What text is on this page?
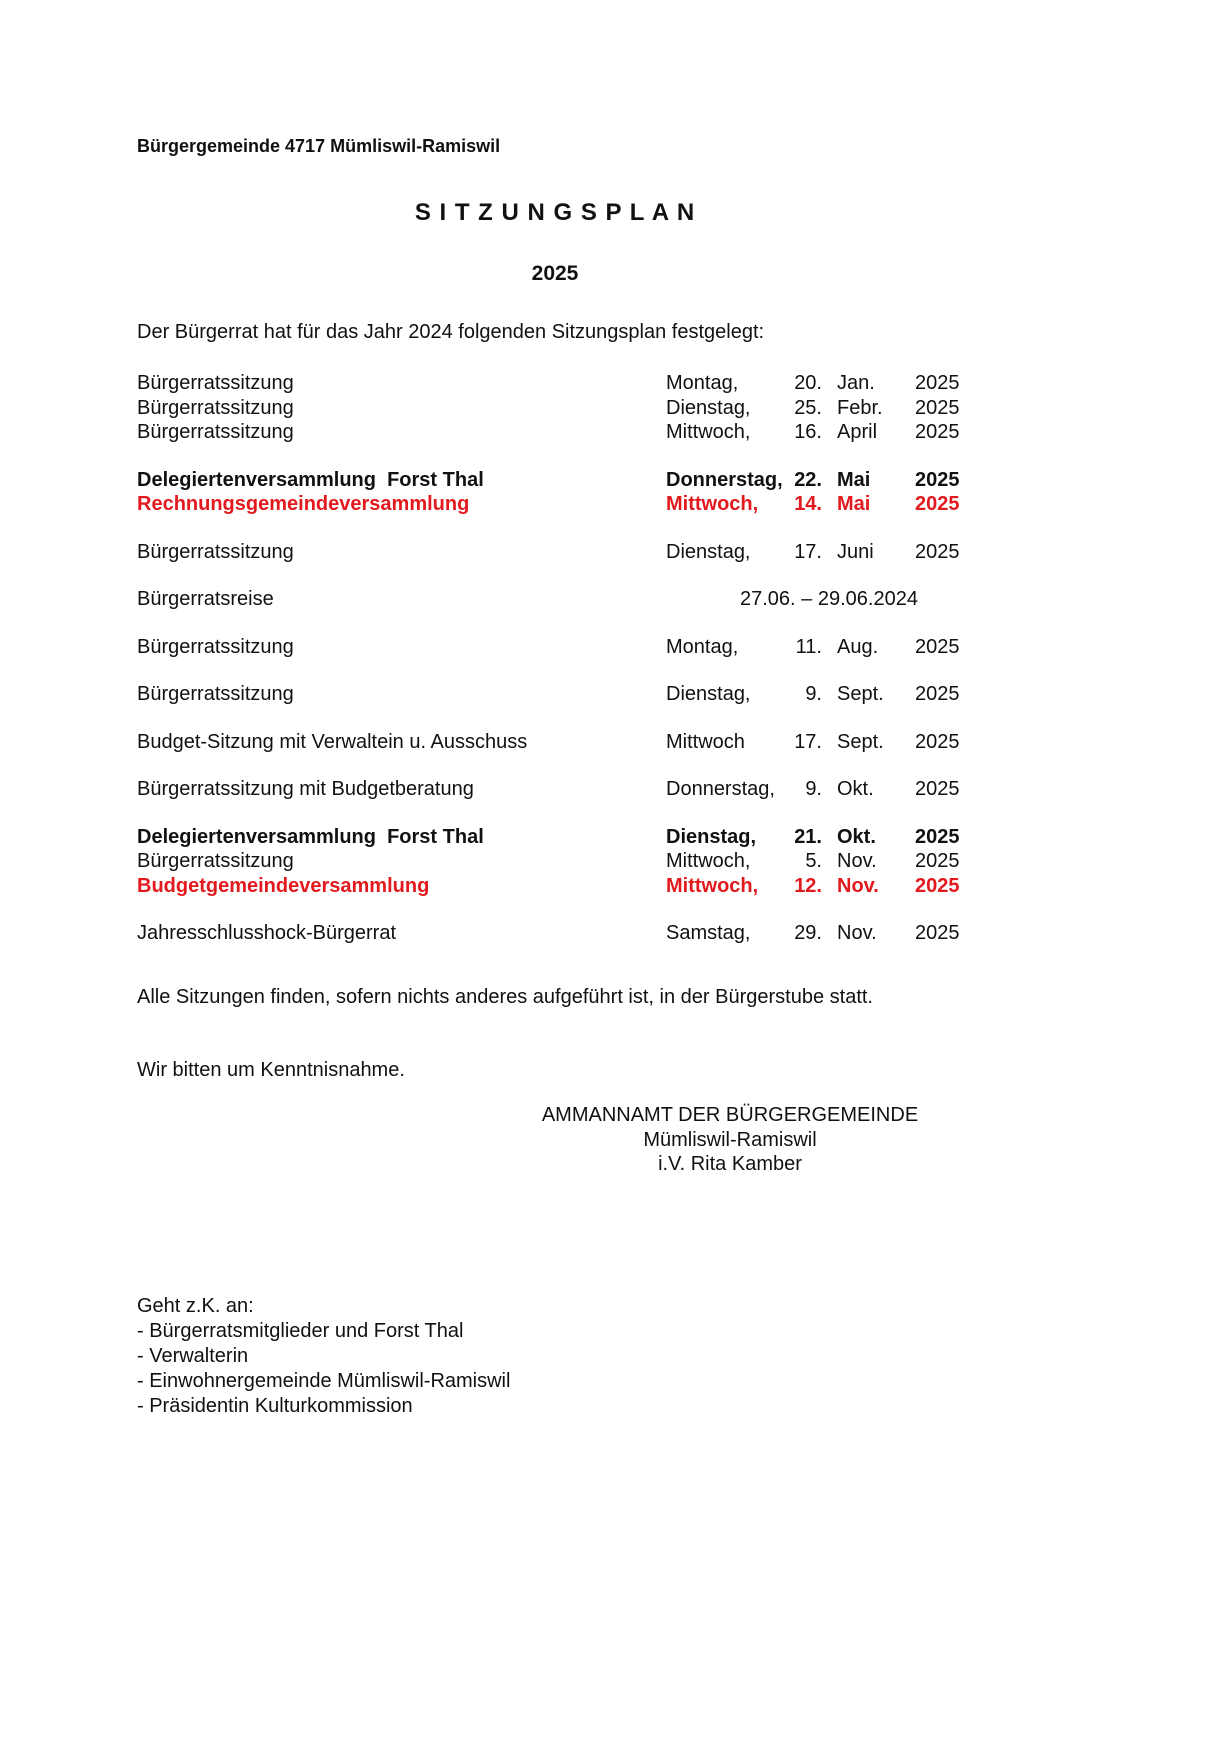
Bürgergemeinde 4717 Mümliswil-Ramiswil
S I T Z U N G S P L A N
2025
Der Bürgerrat hat für das Jahr 2024 folgenden Sitzungsplan festgelegt:
Bürgerratssitzung	Montag,	20. Jan.	2025
Bürgerratssitzung	Dienstag,	25. Febr.	2025
Bürgerratssitzung	Mittwoch,	16. April	2025
Delegiertenversammlung  Forst Thal	Donnerstag, 22. Mai	2025
Rechnungsgemeindeversammlung	Mittwoch,	14. Mai	2025
Bürgerratssitzung	Dienstag,	17. Juni	2025
Bürgerratsreise	27.06. – 29.06.2024
Bürgerratssitzung	Montag,	11. Aug.	2025
Bürgerratssitzung	Dienstag,	9. Sept.	2025
Budget-Sitzung mit Verwaltein u. Ausschuss	Mittwoch	17. Sept.	2025
Bürgerratssitzung mit Budgetberatung	Donnerstag,	9. Okt.	2025
Delegiertenversammlung  Forst Thal	Dienstag,	21. Okt.	2025
Bürgerratssitzung	Mittwoch,	5. Nov.	2025
Budgetgemeindeversammlung	Mittwoch,	12. Nov.	2025
Jahresschlusshock-Bürgerrat	Samstag,	29. Nov.	2025
Alle Sitzungen finden, sofern nichts anderes aufgeführt ist, in der Bürgerstube statt.
Wir bitten um Kenntnisnahme.
AMMANNAMT DER BÜRGERGEMEINDE
Mümliswil-Ramiswil
i.V. Rita Kamber
Geht z.K. an:
- Bürgerratsmitglieder und Forst Thal
- Verwalterin
- Einwohnergemeinde Mümliswil-Ramiswil
- Präsidentin Kulturkommission
